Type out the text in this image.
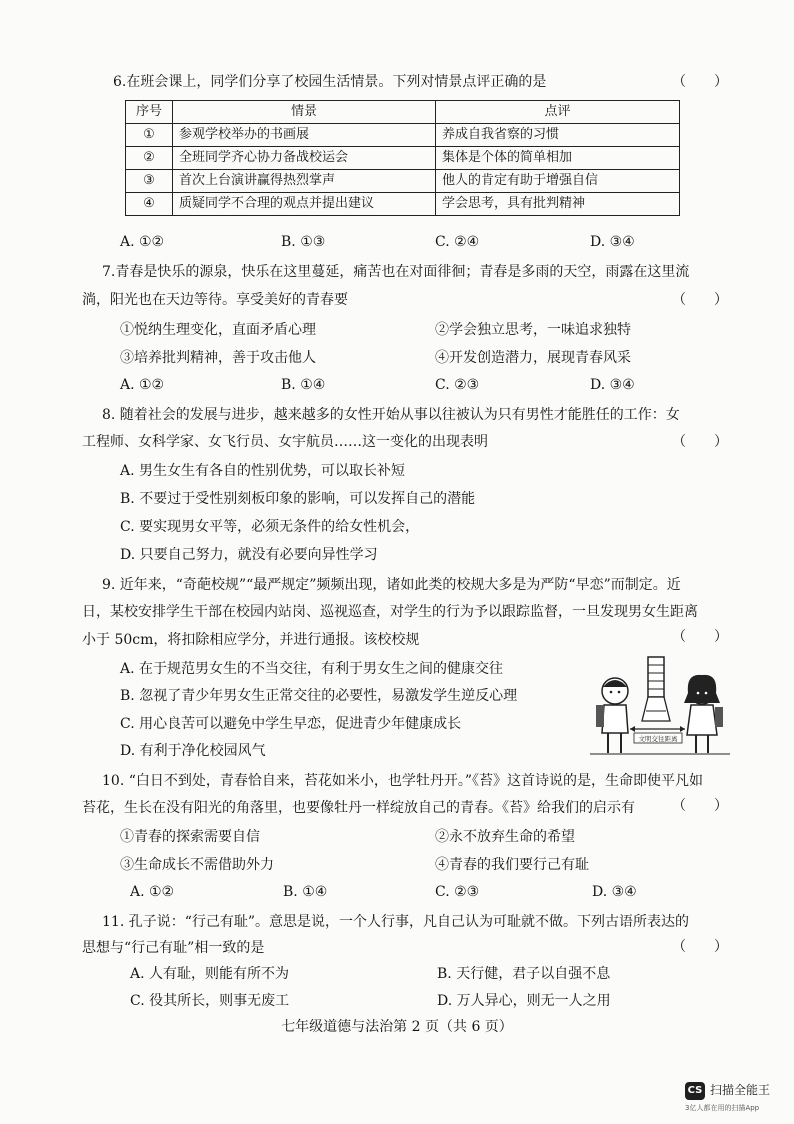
6.在班会课上，同学们分享了校园生活情景。下列对情景点评正确的是	（　　）
序号	情景	点评
①	参观学校举办的书画展	养成自我省察的习惯
②	全班同学齐心协力备战校运会	集体是个体的简单相加
③	首次上台演讲赢得热烈掌声	他人的肯定有助于增强自信
④	质疑同学不合理的观点并提出建议	学会思考，具有批判精神
A. ①②	B. ①③	C. ②④	D. ③④
7.青春是快乐的源泉，快乐在这里蔓延，痛苦也在对面徘徊；青春是多雨的天空，雨露在这里流
淌，阳光也在天边等待。享受美好的青春要	（　　）
①悦纳生理变化，直面矛盾心理	②学会独立思考，一味追求独特
③培养批判精神，善于攻击他人	④开发创造潜力，展现青春风采
A. ①②	B. ①④	C. ②③	D. ③④
8. 随着社会的发展与进步，越来越多的女性开始从事以往被认为只有男性才能胜任的工作：女
工程师、女科学家、女飞行员、女宇航员……这一变化的出现表明	（　　）
A. 男生女生有各自的性别优势，可以取长补短
B. 不要过于受性别刻板印象的影响，可以发挥自己的潜能
C. 要实现男女平等，必须无条件的给女性机会，
D. 只要自己努力，就没有必要向异性学习
9. 近年来，“奇葩校规”“最严规定”频频出现，诸如此类的校规大多是为严防“早恋”而制定。近
日，某校安排学生干部在校园内站岗、巡视巡查，对学生的行为予以跟踪监督，一旦发现男女生距离
小于 50cm，将扣除相应学分，并进行通报。该校校规	（　　）
A. 在于规范男女生的不当交往，有利于男女生之间的健康交往
B. 忽视了青少年男女生正常交往的必要性，易激发学生逆反心理
C. 用心良苦可以避免中学生早恋，促进青少年健康成长
D. 有利于净化校园风气
文明交往距离
10. “白日不到处，青春恰自来，苔花如米小，也学牡丹开。”《苔》这首诗说的是，生命即使平凡如
苔花，生长在没有阳光的角落里，也要像牡丹一样绽放自己的青春。《苔》给我们的启示有	（　　）
①青春的探索需要自信	②永不放弃生命的希望
③生命成长不需借助外力	④青春的我们要行己有耻
A. ①②	B. ①④	C. ②③	D. ③④
11. 孔子说：“行己有耻”。意思是说，一个人行事，凡自己认为可耻就不做。下列古语所表达的
思想与“行己有耻”相一致的是	（　　）
A. 人有耻，则能有所不为	B. 天行健，君子以自强不息
C. 役其所长，则事无废工	D. 万人异心，则无一人之用
七年级道德与法治第 2 页（共 6 页）
CS 扫描全能王
3亿人都在用的扫描App
